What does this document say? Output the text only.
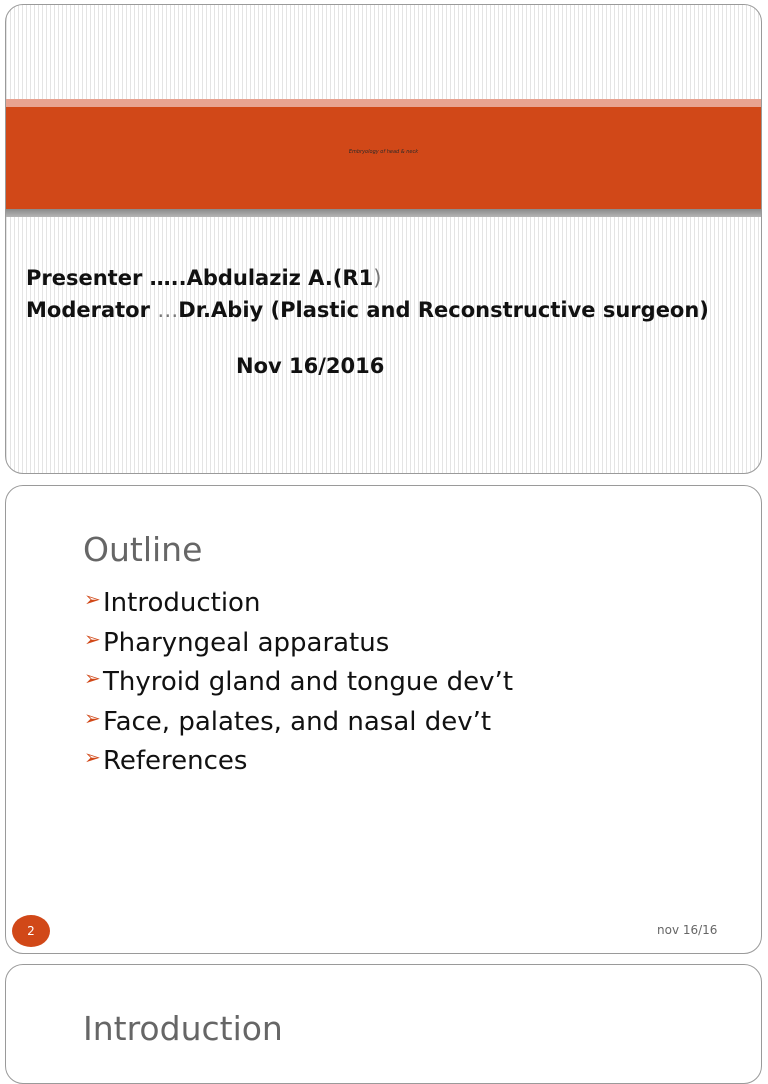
Embryology of head & neck

Presenter …..Abdulaziz A.(R1)

Moderator …Dr.Abiy (Plastic and Reconstructive surgeon)

Nov 16/2016
Outline
➢ Introduction
➢ Pharyngeal apparatus
➢ Thyroid gland and tongue dev’t
➢ Face, palates, and nasal dev’t
➢ References
2	nov 16/16
Introduction
